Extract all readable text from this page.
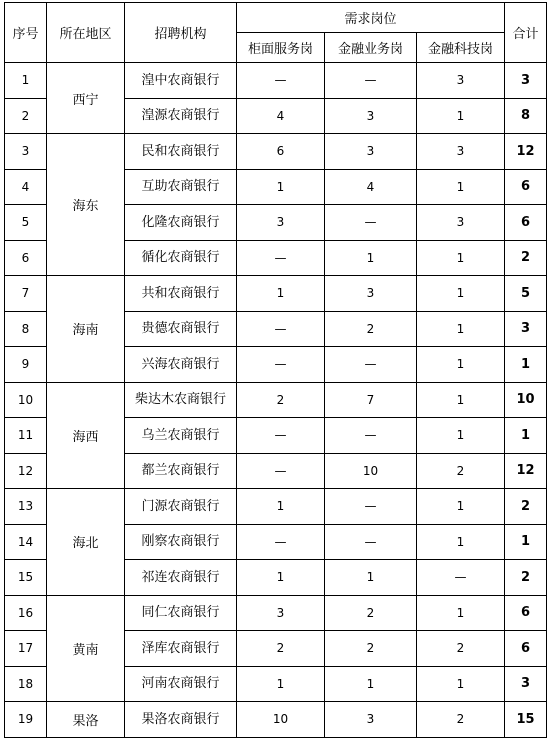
序号	所在地区	招聘机构	需求岗位			合计
			柜面服务岗	金融业务岗	金融科技岗	
1	西宁	湟中农商银行	—	—	3	3
2		湟源农商银行	4	3	1	8
3	海东	民和农商银行	6	3	3	12
4		互助农商银行	1	4	1	6
5		化隆农商银行	3	—	3	6
6		循化农商银行	—	1	1	2
7	海南	共和农商银行	1	3	1	5
8		贵德农商银行	—	2	1	3
9		兴海农商银行	—	—	1	1
10	海西	柴达木农商银行	2	7	1	10
11		乌兰农商银行	—	—	1	1
12		都兰农商银行	—	10	2	12
13	海北	门源农商银行	1	—	1	2
14		刚察农商银行	—	—	1	1
15		祁连农商银行	1	1	—	2
16	黄南	同仁农商银行	3	2	1	6
17		泽库农商银行	2	2	2	6
18		河南农商银行	1	1	1	3
19	果洛	果洛农商银行	10	3	2	15
